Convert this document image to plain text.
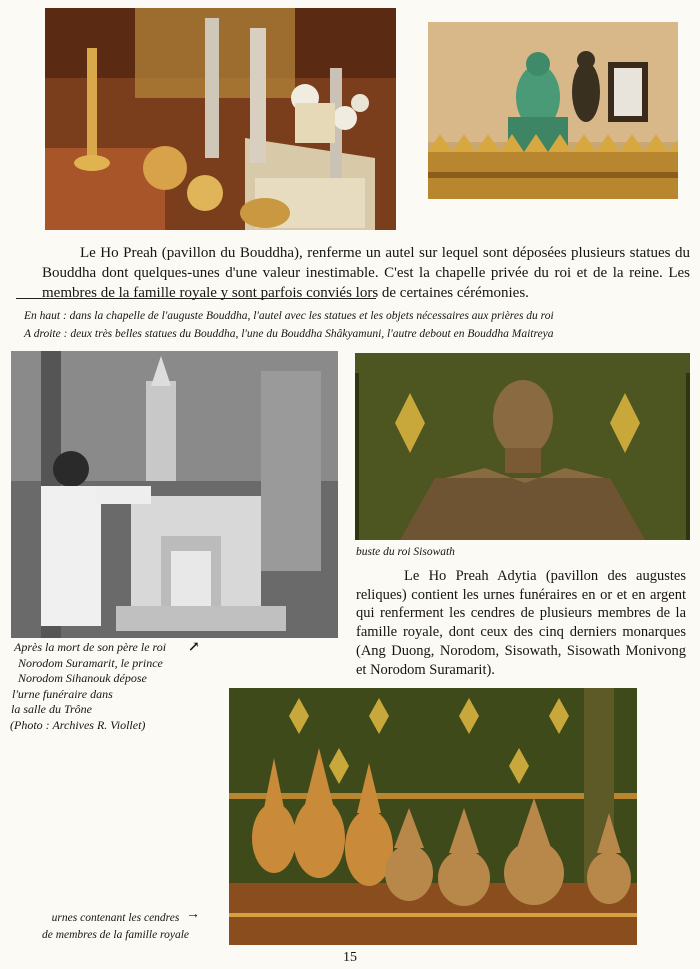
Le Ho Preah (pavillon du Bouddha), renferme un autel sur lequel sont déposées plusieurs statues du Bouddha dont quelques-unes d'une valeur inestimable. C'est la chapelle privée du roi et de la reine. Les membres de la famille royale y sont parfois conviés lors de certaines cérémonies.

En haut : dans la chapelle de l'auguste Bouddha, l'autel avec les statues et les objets nécessaires aux prières du roi
A droite : deux très belles statues du Bouddha, l'une du Bouddha Shâkyamuni, l'autre debout en Bouddha Maitreya
buste du roi Sisowath

Le Ho Preah Adytia (pavillon des augustes reliques) contient les urnes funéraires en or et en argent qui renferment les cendres de plusieurs membres de la famille royale, dont ceux des cinq derniers monarques (Ang Duong, Norodom, Sisowath, Sisowath Monivong et Norodom Suramarit).

Après la mort de son père le roi
Norodom Suramarit, le prince
Norodom Sihanouk dépose
l'urne funéraire dans
la salle du Trône
(Photo : Archives R. Viollet)
↗
urnes contenant les cendres
de membres de la famille royale
→
15
